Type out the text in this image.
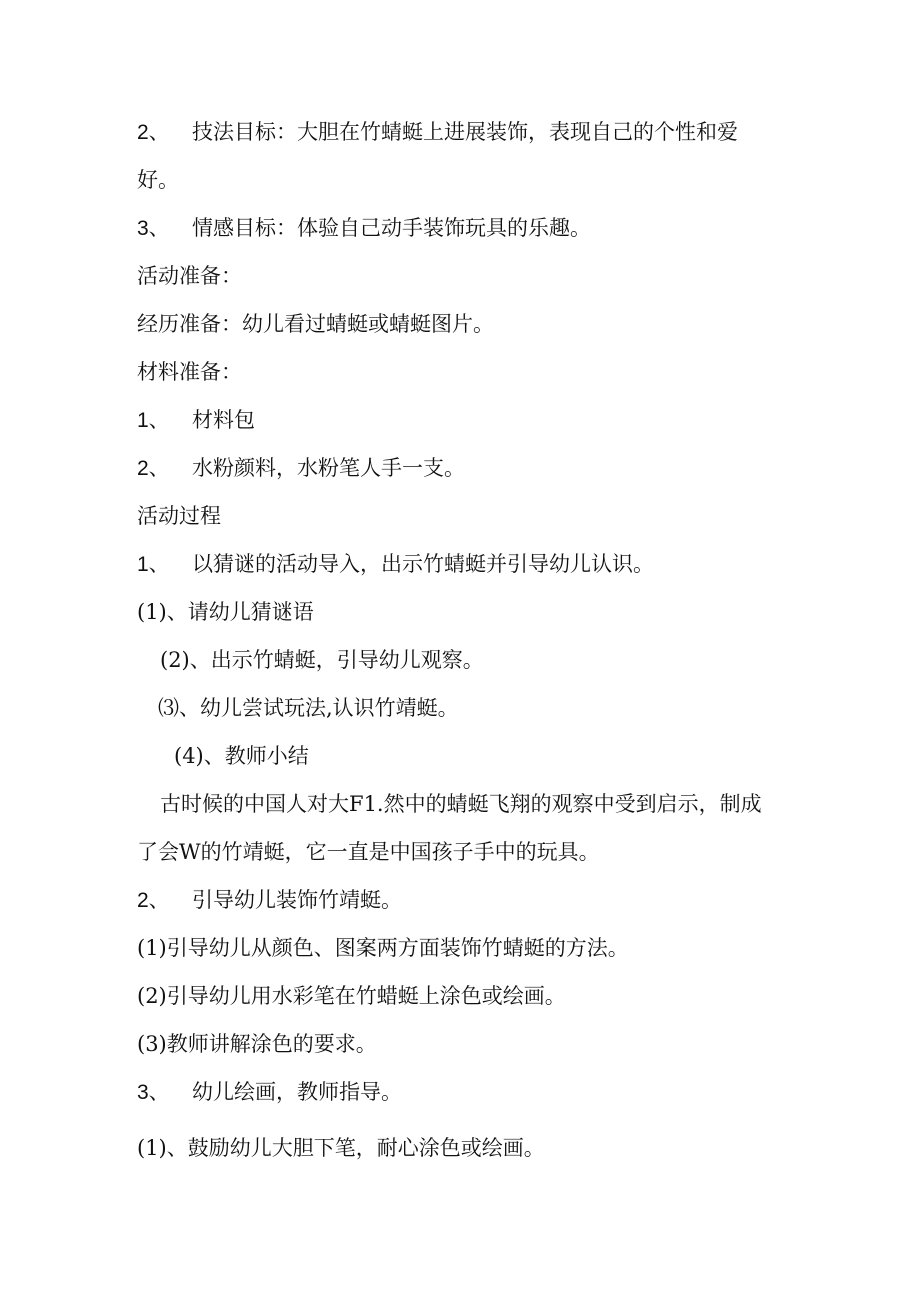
2、 技法目标：大胆在竹蜻蜓上进展装饰，表现自己的个性和爱
好。
3、 情感目标：体验自己动手装饰玩具的乐趣。
活动准备：
经历准备：幼儿看过蜻蜓或蜻蜓图片。
材料准备：
1、 材料包
2、 水粉颜料，水粉笔人手一支。
活动过程
1、 以猜谜的活动导入，出示竹蜻蜓并引导幼儿认识。
(1)、请幼儿猜谜语
(2)、出示竹蜻蜓，引导幼儿观察。
⑶、幼儿尝试玩法,认识竹靖蜓。
(4)、教师小结
古时候的中国人对大F1.然中的蜻蜓飞翔的观察中受到启示，制成
了会W的竹靖蜓，它一直是中国孩子手中的玩具。
2、 引导幼儿装饰竹靖蜓。
(1)引导幼儿从颜色、图案两方面装饰竹蜻蜓的方法。
(2)引导幼儿用水彩笔在竹蜡蜓上涂色或绘画。
(3)教师讲解涂色的要求。
3、 幼儿绘画，教师指导。
(1)、鼓励幼儿大胆下笔，耐心涂色或绘画。
